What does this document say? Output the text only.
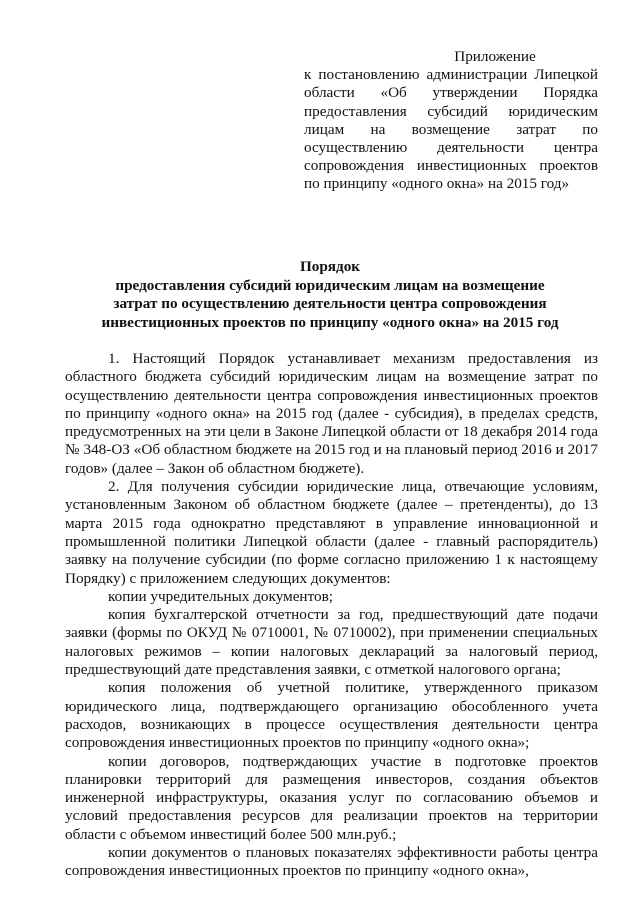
Приложение
к постановлению администрации Липецкой области «Об утверждении Порядка предоставления субсидий юридическим лицам на возмещение затрат по осуществлению деятельности центра сопровождения инвестиционных проектов по принципу «одного окна» на 2015 год»
Порядок
предоставления субсидий юридическим лицам на возмещение
затрат по осуществлению деятельности центра сопровождения
инвестиционных проектов по принципу «одного окна» на 2015 год

1. Настоящий Порядок устанавливает механизм предоставления из областного бюджета субсидий юридическим лицам на возмещение затрат по осуществлению деятельности центра сопровождения инвестиционных проектов по принципу «одного окна» на 2015 год (далее - субсидия), в пределах средств, предусмотренных на эти цели в Законе Липецкой области от 18 декабря 2014 года № 348-ОЗ «Об областном бюджете на 2015 год и на плановый период 2016 и 2017 годов» (далее – Закон об областном бюджете).

2. Для получения субсидии юридические лица, отвечающие условиям, установленным Законом об областном бюджете (далее – претенденты), до 13 марта 2015 года однократно представляют в управление инновационной и промышленной политики Липецкой области (далее - главный распорядитель) заявку на получение субсидии (по форме согласно приложению 1 к настоящему Порядку) с приложением следующих документов:

копии учредительных документов;

копия бухгалтерской отчетности за год, предшествующий дате подачи заявки (формы по ОКУД № 0710001, № 0710002), при применении специальных налоговых режимов – копии налоговых деклараций за налоговый период, предшествующий дате представления заявки, с отметкой налогового органа;

копия положения об учетной политике, утвержденного приказом юридического лица, подтверждающего организацию обособленного учета расходов, возникающих в процессе осуществления деятельности центра сопровождения инвестиционных проектов по принципу «одного окна»;

копии договоров, подтверждающих участие в подготовке проектов планировки территорий для размещения инвесторов, создания объектов инженерной инфраструктуры, оказания услуг по согласованию объемов и условий предоставления ресурсов для реализации проектов на территории области с объемом инвестиций более 500 млн.руб.;

копии документов о плановых показателях эффективности работы центра сопровождения инвестиционных проектов по принципу «одного окна»,
